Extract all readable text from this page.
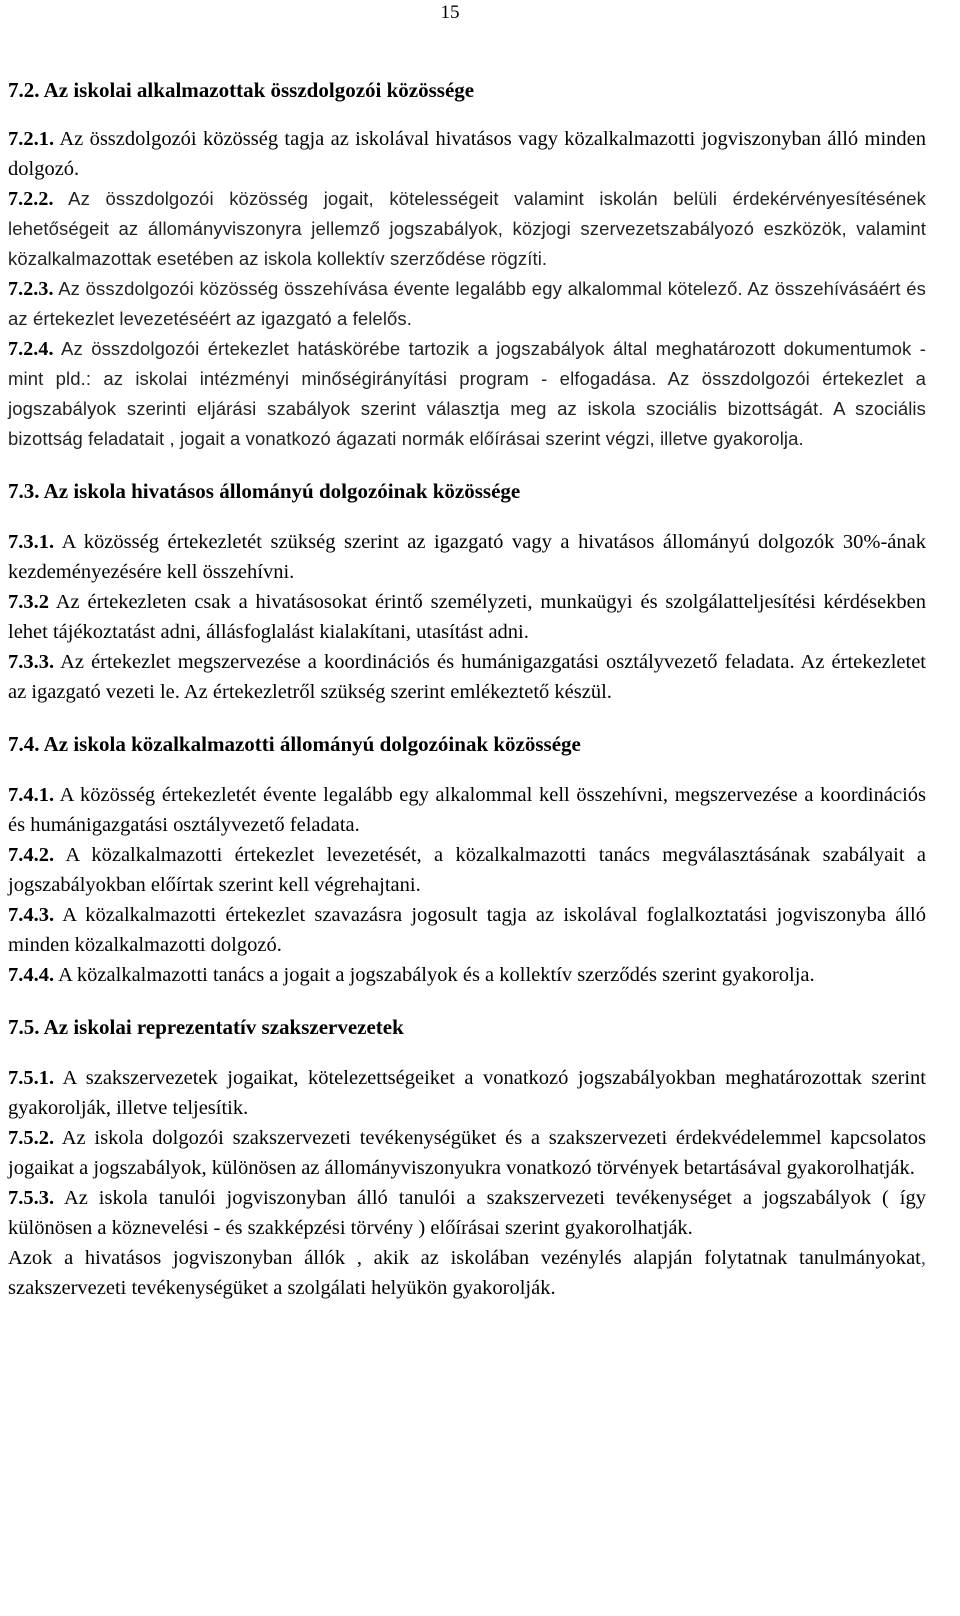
15
7.2. Az iskolai alkalmazottak összdolgozói közössége
7.2.1. Az összdolgozói közösség tagja az iskolával hivatásos vagy közalkalmazotti jogviszonyban álló minden dolgozó.
7.2.2. Az összdolgozói közösség jogait, kötelességeit valamint iskolán belüli érdekérvényesítésének lehetőségeit az állományviszonyra jellemző jogszabályok, közjogi szervezetszabályozó eszközök, valamint közalkalmazottak esetében az iskola kollektív szerződése rögzíti.
7.2.3. Az összdolgozói közösség összehívása évente legalább egy alkalommal kötelező. Az összehívásáért és az értekezlet levezetéséért az igazgató a felelős.
7.2.4. Az összdolgozói értekezlet hatáskörébe tartozik a jogszabályok által meghatározott dokumentumok - mint pld.: az iskolai intézményi minőségirányítási program - elfogadása. Az összdolgozói értekezlet a jogszabályok szerinti eljárási szabályok szerint választja meg az iskola szociális bizottságát. A szociális bizottság feladatait , jogait a vonatkozó ágazati normák előírásai szerint végzi, illetve gyakorolja.
7.3. Az iskola hivatásos állományú dolgozóinak közössége
7.3.1. A közösség értekezletét szükség szerint az igazgató vagy a hivatásos állományú dolgozók 30%-ának kezdeményezésére kell összehívni.
7.3.2 Az értekezleten csak a hivatásosokat érintő személyzeti, munkaügyi és szolgálatteljesítési kérdésekben lehet tájékoztatást adni, állásfoglalást kialakítani, utasítást adni.
7.3.3. Az értekezlet megszervezése a koordinációs és humánigazgatási osztályvezető feladata. Az értekezletet az igazgató vezeti le. Az értekezletről szükség szerint emlékeztető készül.
7.4. Az iskola közalkalmazotti állományú dolgozóinak közössége
7.4.1. A közösség értekezletét évente legalább egy alkalommal kell összehívni, megszervezése a koordinációs és humánigazgatási osztályvezető feladata.
7.4.2. A közalkalmazotti értekezlet levezetését, a közalkalmazotti tanács megválasztásának szabályait a jogszabályokban előírtak szerint kell végrehajtani.
7.4.3. A közalkalmazotti értekezlet szavazásra jogosult tagja az iskolával foglalkoztatási jogviszonyba álló minden közalkalmazotti dolgozó.
7.4.4. A közalkalmazotti tanács a jogait a jogszabályok és a kollektív szerződés szerint gyakorolja.
7.5. Az iskolai reprezentatív szakszervezetek
7.5.1. A szakszervezetek jogaikat, kötelezettségeiket a vonatkozó jogszabályokban meghatározottak szerint gyakorolják, illetve teljesítik.
7.5.2. Az iskola dolgozói szakszervezeti tevékenységüket és a szakszervezeti érdekvédelemmel kapcsolatos jogaikat a jogszabályok, különösen az állományviszonyukra vonatkozó törvények betartásával gyakorolhatják.
7.5.3. Az iskola tanulói jogviszonyban álló tanulói a szakszervezeti tevékenységet a jogszabályok ( így különösen a köznevelési - és szakképzési törvény ) előírásai szerint gyakorolhatják.
Azok a hivatásos jogviszonyban állók , akik az iskolában vezénylés alapján folytatnak tanulmányokat, szakszervezeti tevékenységüket a szolgálati helyükön gyakorolják.
